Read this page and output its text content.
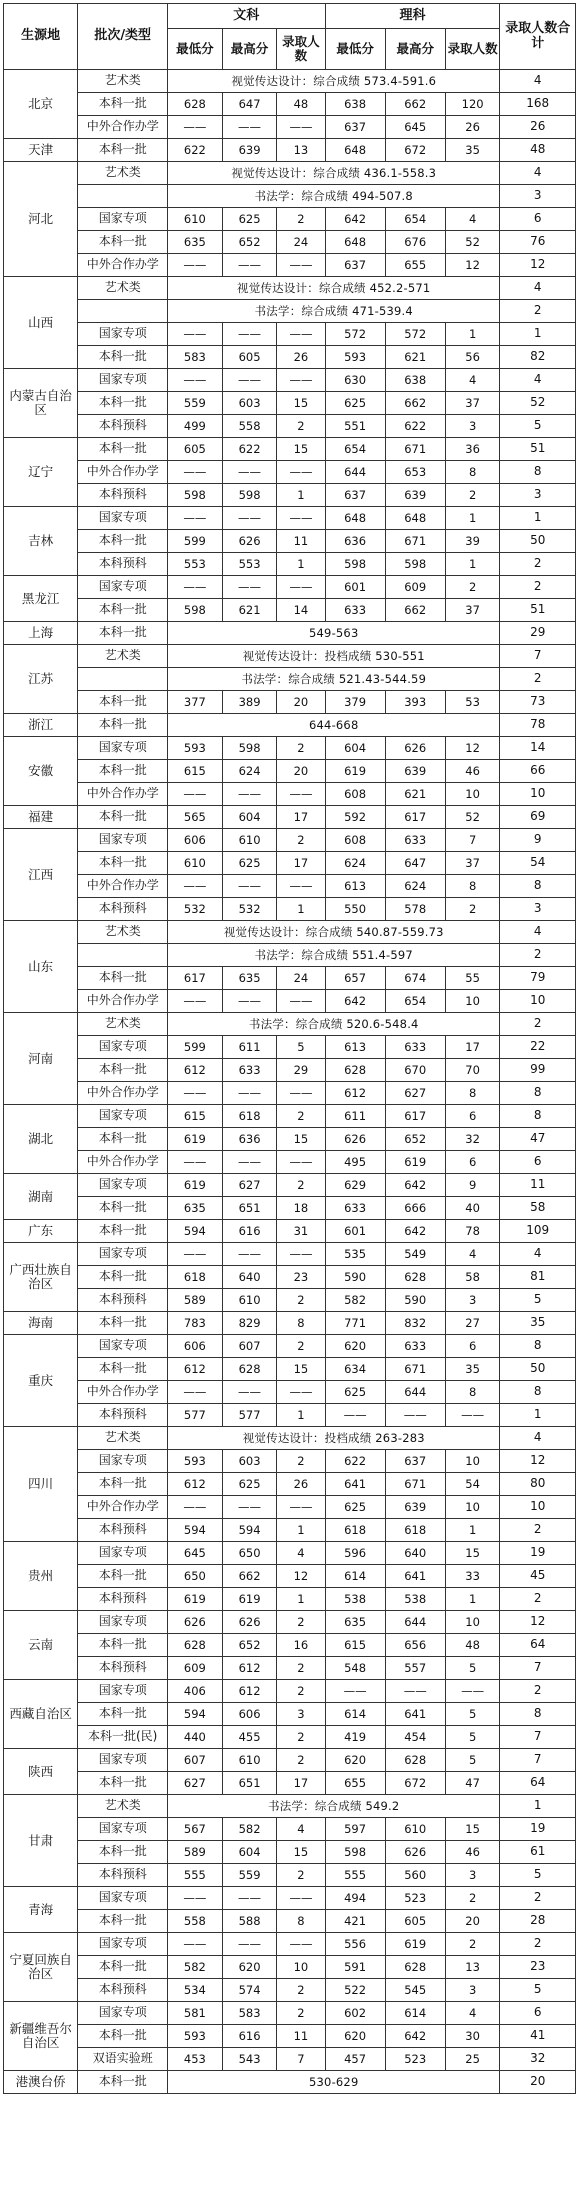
生源地	批次/类型	文科			理科			录取人数合计
		最低分	最高分	录取人数	最低分	最高分	录取人数	
北京	艺术类	视觉传达设计：综合成绩 573.4-591.6						4
	本科一批	628	647	48	638	662	120	168
	中外合作办学	——	——	——	637	645	26	26
天津	本科一批	622	639	13	648	672	35	48
河北	艺术类	视觉传达设计：综合成绩 436.1-558.3						4
		书法学：综合成绩 494-507.8						3
	国家专项	610	625	2	642	654	4	6
	本科一批	635	652	24	648	676	52	76
	中外合作办学	——	——	——	637	655	12	12
山西	艺术类	视觉传达设计：综合成绩 452.2-571						4
		书法学：综合成绩 471-539.4						2
	国家专项	——	——	——	572	572	1	1
	本科一批	583	605	26	593	621	56	82
内蒙古自治区	国家专项	——	——	——	630	638	4	4
	本科一批	559	603	15	625	662	37	52
	本科预科	499	558	2	551	622	3	5
辽宁	本科一批	605	622	15	654	671	36	51
	中外合作办学	——	——	——	644	653	8	8
	本科预科	598	598	1	637	639	2	3
吉林	国家专项	——	——	——	648	648	1	1
	本科一批	599	626	11	636	671	39	50
	本科预科	553	553	1	598	598	1	2
黑龙江	国家专项	——	——	——	601	609	2	2
	本科一批	598	621	14	633	662	37	51
上海	本科一批	549-563						29
江苏	艺术类	视觉传达设计：投档成绩 530-551						7
		书法学：综合成绩 521.43-544.59						2
	本科一批	377	389	20	379	393	53	73
浙江	本科一批	644-668						78
安徽	国家专项	593	598	2	604	626	12	14
	本科一批	615	624	20	619	639	46	66
	中外合作办学	——	——	——	608	621	10	10
福建	本科一批	565	604	17	592	617	52	69
江西	国家专项	606	610	2	608	633	7	9
	本科一批	610	625	17	624	647	37	54
	中外合作办学	——	——	——	613	624	8	8
	本科预科	532	532	1	550	578	2	3
山东	艺术类	视觉传达设计：综合成绩 540.87-559.73						4
		书法学：综合成绩 551.4-597						2
	本科一批	617	635	24	657	674	55	79
	中外合作办学	——	——	——	642	654	10	10
河南	艺术类	书法学：综合成绩 520.6-548.4						2
	国家专项	599	611	5	613	633	17	22
	本科一批	612	633	29	628	670	70	99
	中外合作办学	——	——	——	612	627	8	8
湖北	国家专项	615	618	2	611	617	6	8
	本科一批	619	636	15	626	652	32	47
	中外合作办学	——	——	——	495	619	6	6
湖南	国家专项	619	627	2	629	642	9	11
	本科一批	635	651	18	633	666	40	58
广东	本科一批	594	616	31	601	642	78	109
广西壮族自治区	国家专项	——	——	——	535	549	4	4
	本科一批	618	640	23	590	628	58	81
	本科预科	589	610	2	582	590	3	5
海南	本科一批	783	829	8	771	832	27	35
重庆	国家专项	606	607	2	620	633	6	8
	本科一批	612	628	15	634	671	35	50
	中外合作办学	——	——	——	625	644	8	8
	本科预科	577	577	1	——	——	——	1
四川	艺术类	视觉传达设计：投档成绩 263-283						4
	国家专项	593	603	2	622	637	10	12
	本科一批	612	625	26	641	671	54	80
	中外合作办学	——	——	——	625	639	10	10
	本科预科	594	594	1	618	618	1	2
贵州	国家专项	645	650	4	596	640	15	19
	本科一批	650	662	12	614	641	33	45
	本科预科	619	619	1	538	538	1	2
云南	国家专项	626	626	2	635	644	10	12
	本科一批	628	652	16	615	656	48	64
	本科预科	609	612	2	548	557	5	7
西藏自治区	国家专项	406	612	2	——	——	——	2
	本科一批	594	606	3	614	641	5	8
	本科一批(民)	440	455	2	419	454	5	7
陕西	国家专项	607	610	2	620	628	5	7
	本科一批	627	651	17	655	672	47	64
甘肃	艺术类	书法学：综合成绩 549.2						1
	国家专项	567	582	4	597	610	15	19
	本科一批	589	604	15	598	626	46	61
	本科预科	555	559	2	555	560	3	5
青海	国家专项	——	——	——	494	523	2	2
	本科一批	558	588	8	421	605	20	28
宁夏回族自治区	国家专项	——	——	——	556	619	2	2
	本科一批	582	620	10	591	628	13	23
	本科预科	534	574	2	522	545	3	5
新疆维吾尔自治区	国家专项	581	583	2	602	614	4	6
	本科一批	593	616	11	620	642	30	41
	双语实验班	453	543	7	457	523	25	32
港澳台侨	本科一批	530-629						20
